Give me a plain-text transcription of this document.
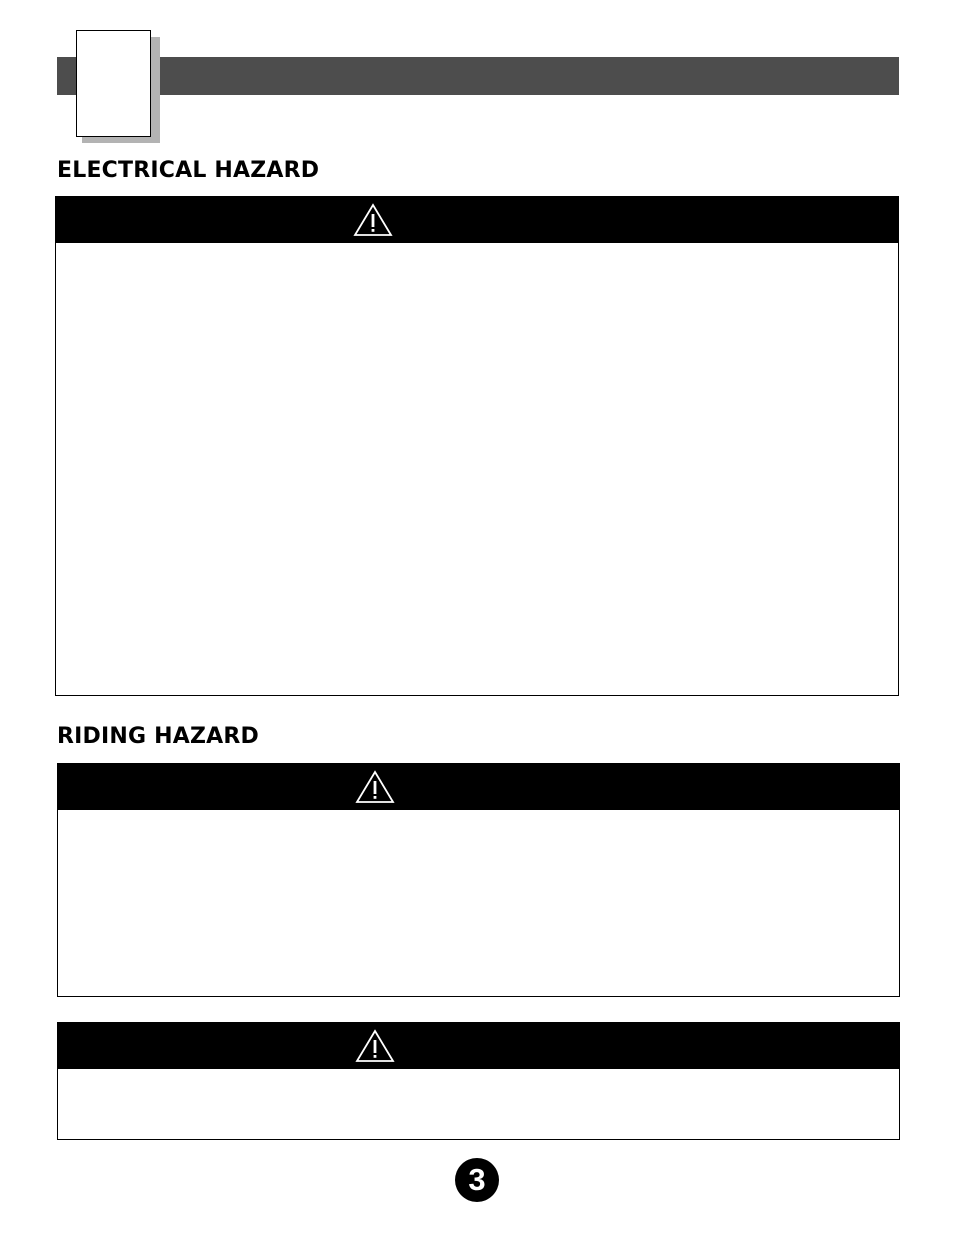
ELECTRICAL HAZARD
RIDING HAZARD
3
